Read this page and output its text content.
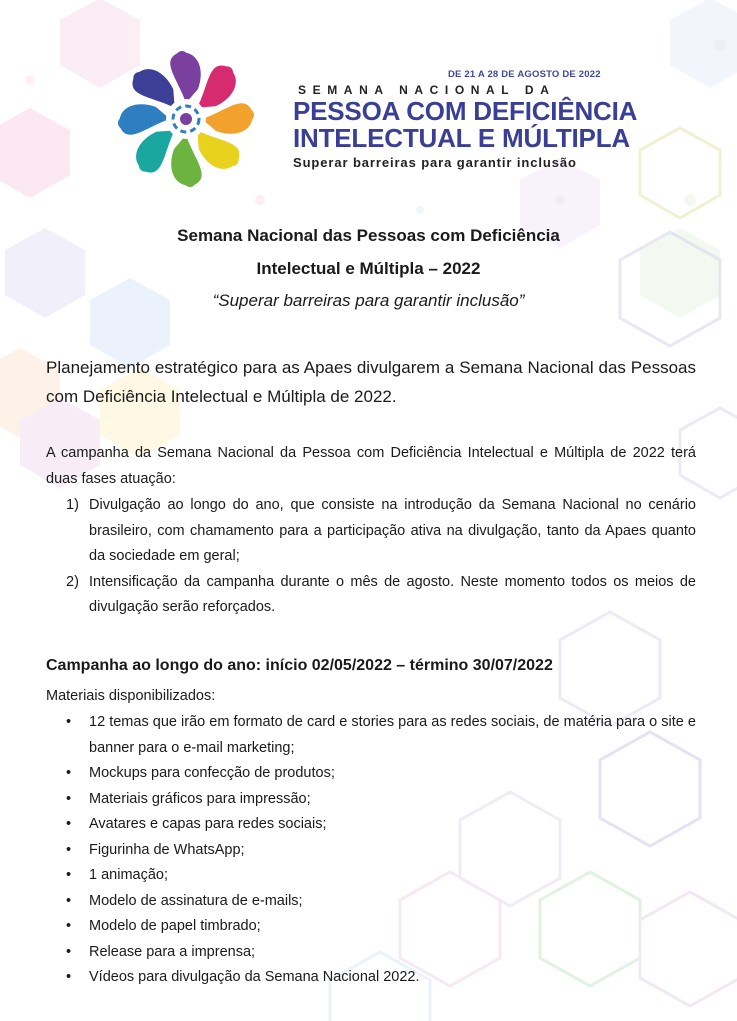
DE 21 A 28 DE AGOSTO DE 2022
SEMANA NACIONAL DA
PESSOA COM DEFICIÊNCIA
INTELECTUAL E MÚLTIPLA
Superar barreiras para garantir inclusão
Semana Nacional das Pessoas com Deficiência
Intelectual e Múltipla – 2022
“Superar barreiras para garantir inclusão”
Planejamento estratégico para as Apaes divulgarem a Semana Nacional das Pessoas com Deficiência Intelectual e Múltipla de 2022.
A campanha da Semana Nacional da Pessoa com Deficiência Intelectual e Múltipla de 2022 terá duas fases atuação:
1) Divulgação ao longo do ano, que consiste na introdução da Semana Nacional no cenário brasileiro, com chamamento para a participação ativa na divulgação, tanto da Apaes quanto da sociedade em geral;
2) Intensificação da campanha durante o mês de agosto. Neste momento todos os meios de divulgação serão reforçados.
Campanha ao longo do ano: início 02/05/2022 – término 30/07/2022
Materiais disponibilizados:
• 12 temas que irão em formato de card e stories para as redes sociais, de matéria para o site e banner para o e-mail marketing;
• Mockups para confecção de produtos;
• Materiais gráficos para impressão;
• Avatares e capas para redes sociais;
• Figurinha de WhatsApp;
• 1 animação;
• Modelo de assinatura de e-mails;
• Modelo de papel timbrado;
• Release para a imprensa;
• Vídeos para divulgação da Semana Nacional 2022.
